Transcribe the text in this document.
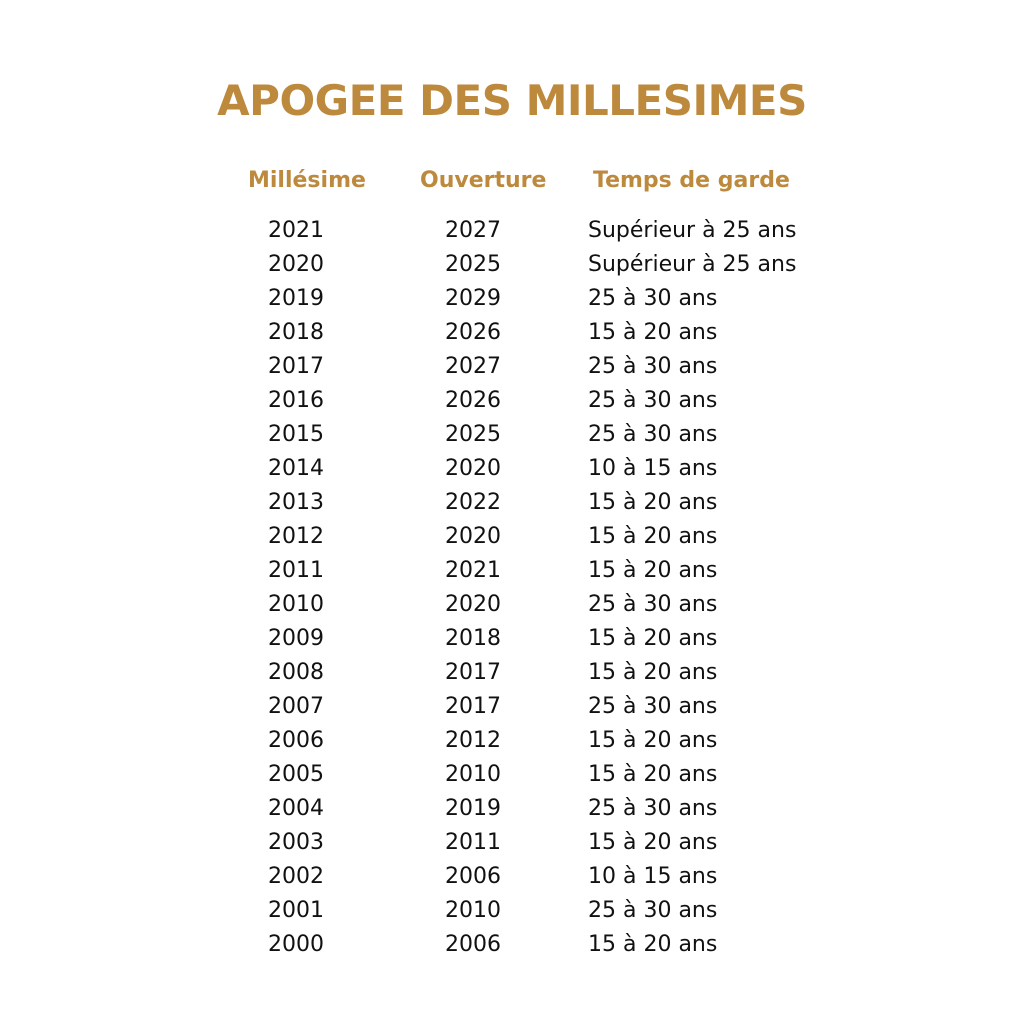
APOGEE DES MILLESIMES
Millésime Ouverture Temps de garde
2021	2027	Supérieur à 25 ans
2020	2025	Supérieur à 25 ans
2019	2029	25 à 30 ans
2018	2026	15 à 20 ans
2017	2027	25 à 30 ans
2016	2026	25 à 30 ans
2015	2025	25 à 30 ans
2014	2020	10 à 15 ans
2013	2022	15 à 20 ans
2012	2020	15 à 20 ans
2011	2021	15 à 20 ans
2010	2020	25 à 30 ans
2009	2018	15 à 20 ans
2008	2017	15 à 20 ans
2007	2017	25 à 30 ans
2006	2012	15 à 20 ans
2005	2010	15 à 20 ans
2004	2019	25 à 30 ans
2003	2011	15 à 20 ans
2002	2006	10 à 15 ans
2001	2010	25 à 30 ans
2000	2006	15 à 20 ans
